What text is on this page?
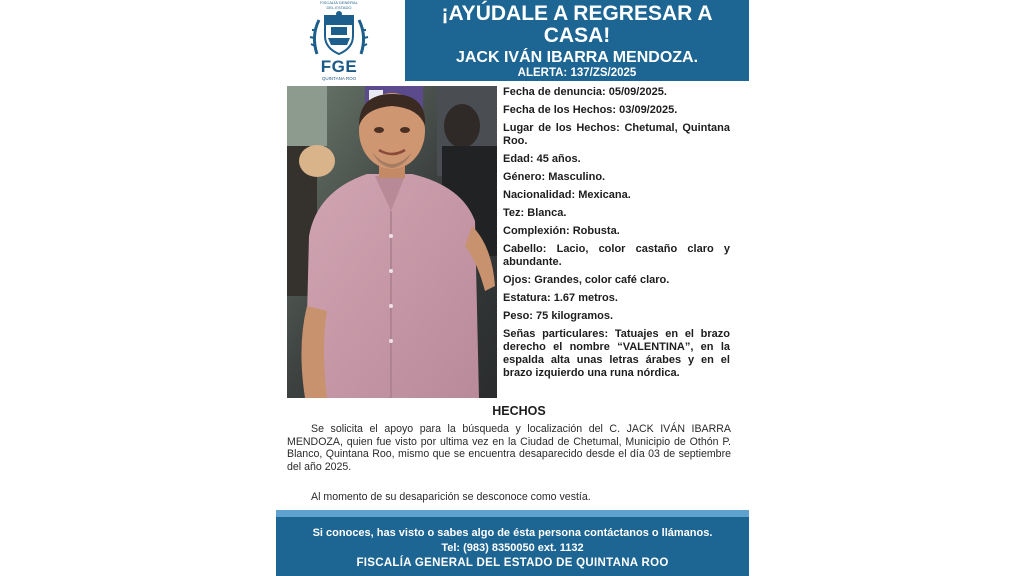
FISCALÍA GENERAL
DEL ESTADO
FGE
QUINTANA ROO
¡AYÚDALE A REGRESAR A CASA!
JACK IVÁN IBARRA MENDOZA.
ALERTA: 137/ZS/2025
Fecha de denuncia: 05/09/2025.
Fecha de los Hechos: 03/09/2025.
Lugar de los Hechos: Chetumal, Quintana Roo.
Edad: 45 años.
Género: Masculino.
Nacionalidad: Mexicana.
Tez: Blanca.
Complexión: Robusta.
Cabello: Lacio, color castaño claro y abundante.
Ojos: Grandes, color café claro.
Estatura: 1.67 metros.
Peso: 75 kilogramos.
Señas particulares: Tatuajes en el brazo derecho el nombre “VALENTINA”, en la espalda alta unas letras árabes y en el brazo izquierdo una runa nórdica.
HECHOS
Se solicita el apoyo para la búsqueda y localización del C. JACK IVÁN IBARRA MENDOZA, quien fue visto por ultima vez en la Ciudad de Chetumal, Municipio de Othón P. Blanco, Quintana Roo, mismo que se encuentra desaparecido desde el día 03 de septiembre del año 2025.
Al momento de su desaparición se desconoce como vestía.
Si conoces, has visto o sabes algo de ésta persona contáctanos o llámanos.
Tel: (983) 8350050 ext. 1132
FISCALÍA GENERAL DEL ESTADO DE QUINTANA ROO
